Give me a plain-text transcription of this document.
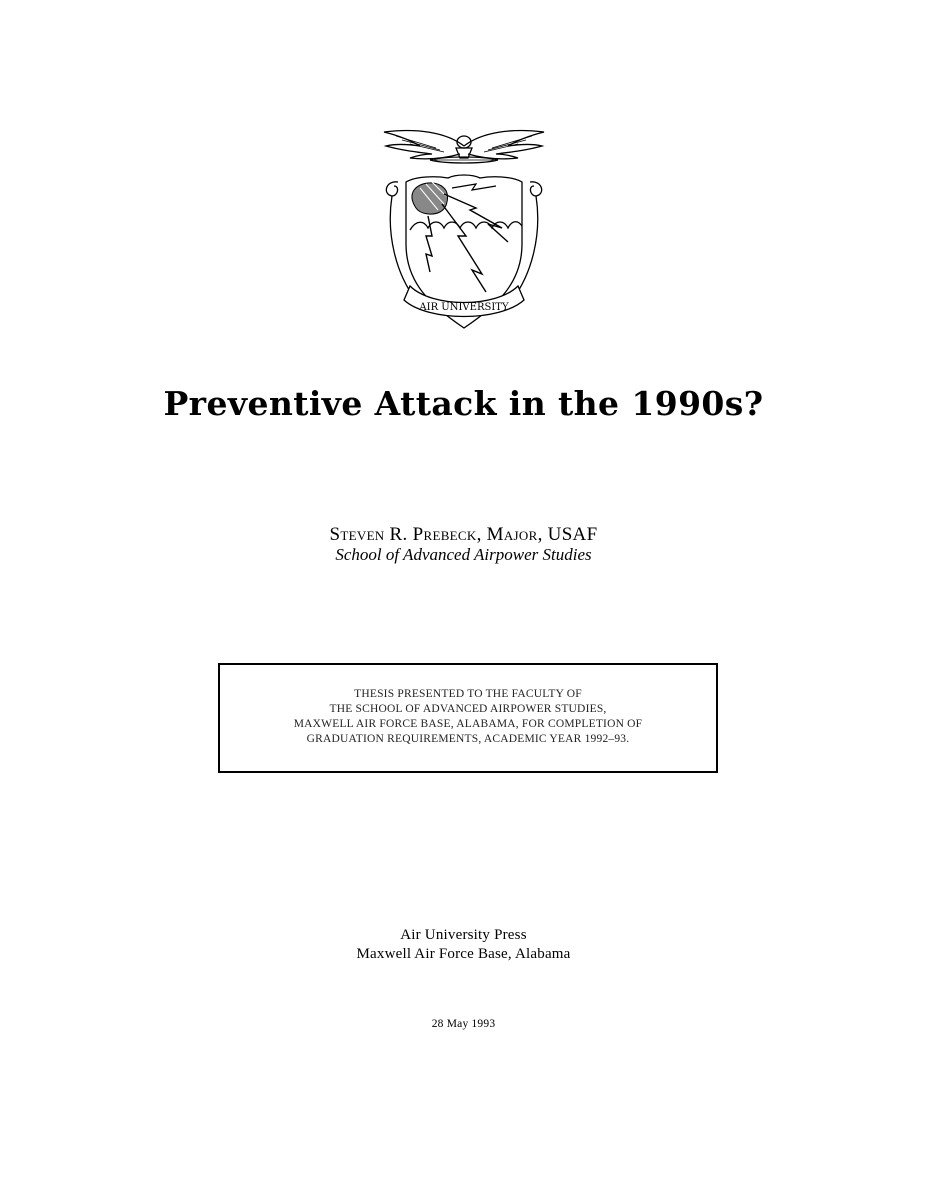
AIR UNIVERSITY
Preventive Attack in the 1990s?
Steven R. Prebeck, Major, USAF
School of Advanced Airpower Studies
THESIS PRESENTED TO THE FACULTY OF
THE SCHOOL OF ADVANCED AIRPOWER STUDIES,
MAXWELL AIR FORCE BASE, ALABAMA, FOR COMPLETION OF
GRADUATION REQUIREMENTS, ACADEMIC YEAR 1992–93.
Air University Press
Maxwell Air Force Base, Alabama
28 May 1993
